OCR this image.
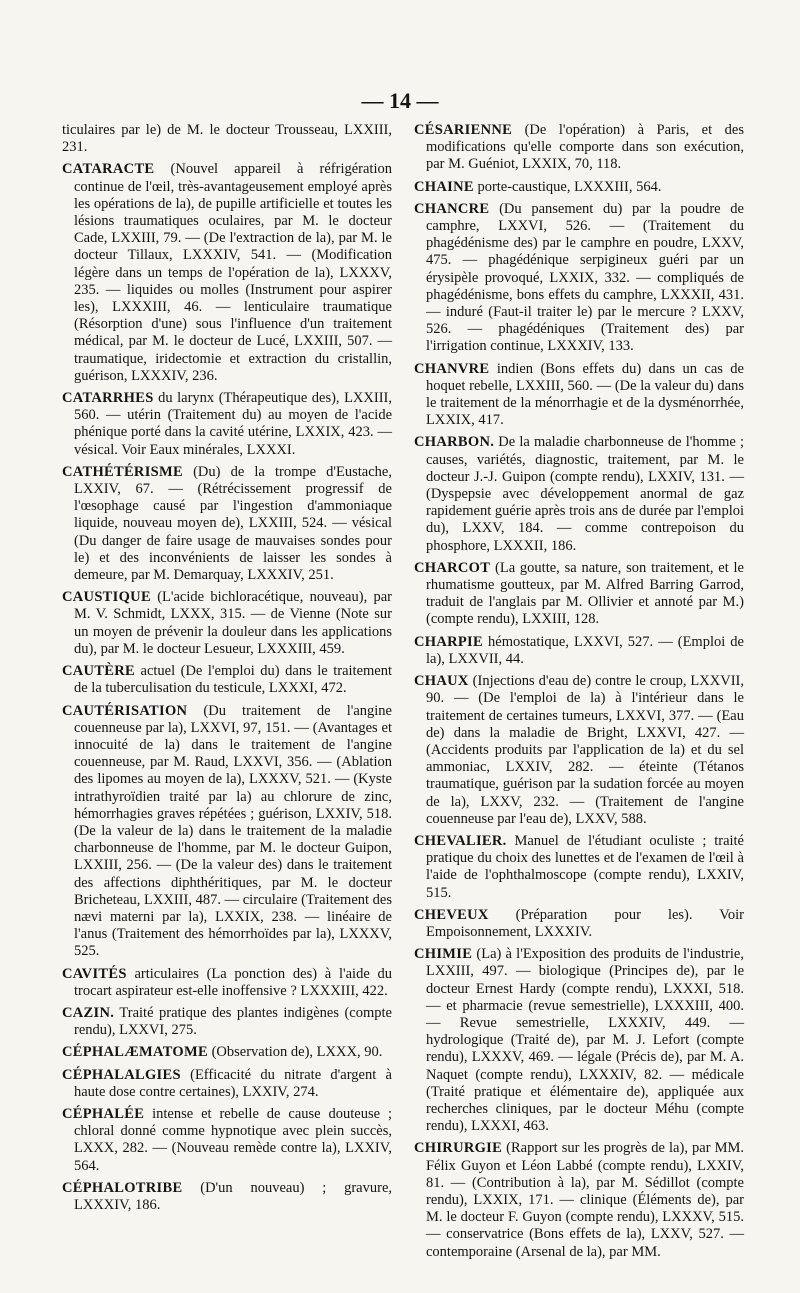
— 14 —

ticulaires par le) de M. le docteur Trousseau, LXXIII, 231.

CATARACTE (Nouvel appareil à réfrigération continue de l'œil, très-avantageusement employé après les opérations de la), de pupille artificielle et toutes les lésions traumatiques oculaires, par M. le docteur Cade, LXXIII, 79. — (De l'extraction de la), par M. le docteur Tillaux, LXXXIV, 541. — (Modification légère dans un temps de l'opération de la), LXXXV, 235. — liquides ou molles (Instrument pour aspirer les), LXXXIII, 46. — lenticulaire traumatique (Résorption d'une) sous l'influence d'un traitement médical, par M. le docteur de Lucé, LXXIII, 507. — traumatique, iridectomie et extraction du cristallin, guérison, LXXXIV, 236.

CATARRHES du larynx (Thérapeutique des), LXXIII, 560. — utérin (Traitement du) au moyen de l'acide phénique porté dans la cavité utérine, LXXIX, 423. — vésical. Voir Eaux minérales, LXXXI.

CATHÉTÉRISME (Du) de la trompe d'Eustache, LXXIV, 67. — (Rétrécissement progressif de l'œsophage causé par l'ingestion d'ammoniaque liquide, nouveau moyen de), LXXIII, 524. — vésical (Du danger de faire usage de mauvaises sondes pour le) et des inconvénients de laisser les sondes à demeure, par M. Demarquay, LXXXIV, 251.

CAUSTIQUE (L'acide bichloracétique, nouveau), par M. V. Schmidt, LXXX, 315. — de Vienne (Note sur un moyen de prévenir la douleur dans les applications du), par M. le docteur Lesueur, LXXXIII, 459.

CAUTÈRE actuel (De l'emploi du) dans le traitement de la tuberculisation du testicule, LXXXI, 472.

CAUTÉRISATION (Du traitement de l'angine couenneuse par la), LXXVI, 97, 151. — (Avantages et innocuité de la) dans le traitement de l'angine couenneuse, par M. Raud, LXXVI, 356. — (Ablation des lipomes au moyen de la), LXXXV, 521. — (Kyste intrathyroïdien traité par la) au chlorure de zinc, hémorrhagies graves répétées ; guérison, LXXIV, 518. (De la valeur de la) dans le traitement de la maladie charbonneuse de l'homme, par M. le docteur Guipon, LXXIII, 256. — (De la valeur des) dans le traitement des affections diphthéritiques, par M. le docteur Bricheteau, LXXIII, 487. — circulaire (Traitement des nævi materni par la), LXXIX, 238. — linéaire de l'anus (Traitement des hémorrhoïdes par la), LXXXV, 525.

CAVITÉS articulaires (La ponction des) à l'aide du trocart aspirateur est-elle inoffensive ? LXXXIII, 422.

CAZIN. Traité pratique des plantes indigènes (compte rendu), LXXVI, 275.

CÉPHALÆMATOME (Observation de), LXXX, 90.

CÉPHALALGIES (Efficacité du nitrate d'argent à haute dose contre certaines), LXXIV, 274.

CÉPHALÉE intense et rebelle de cause douteuse ; chloral donné comme hypnotique avec plein succès, LXXX, 282. — (Nouveau remède contre la), LXXIV, 564.

CÉPHALOTRIBE (D'un nouveau) ; gravure, LXXXIV, 186.

CÉSARIENNE (De l'opération) à Paris, et des modifications qu'elle comporte dans son exécution, par M. Guéniot, LXXIX, 70, 118.

CHAINE porte-caustique, LXXXIII, 564.

CHANCRE (Du pansement du) par la poudre de camphre, LXXVI, 526. — (Traitement du phagédénisme des) par le camphre en poudre, LXXV, 475. — phagédénique serpigineux guéri par un érysipèle provoqué, LXXIX, 332. — compliqués de phagédénisme, bons effets du camphre, LXXXII, 431. — induré (Faut-il traiter le) par le mercure ? LXXV, 526. — phagédéniques (Traitement des) par l'irrigation continue, LXXXIV, 133.

CHANVRE indien (Bons effets du) dans un cas de hoquet rebelle, LXXIII, 560. — (De la valeur du) dans le traitement de la ménorrhagie et de la dysménorrhée, LXXIX, 417.

CHARBON. De la maladie charbonneuse de l'homme ; causes, variétés, diagnostic, traitement, par M. le docteur J.-J. Guipon (compte rendu), LXXIV, 131. — (Dyspepsie avec développement anormal de gaz rapidement guérie après trois ans de durée par l'emploi du), LXXV, 184. — comme contrepoison du phosphore, LXXXII, 186.

CHARCOT (La goutte, sa nature, son traitement, et le rhumatisme goutteux, par M. Alfred Barring Garrod, traduit de l'anglais par M. Ollivier et annoté par M.) (compte rendu), LXXIII, 128.

CHARPIE hémostatique, LXXVI, 527. — (Emploi de la), LXXVII, 44.

CHAUX (Injections d'eau de) contre le croup, LXXVII, 90. — (De l'emploi de la) à l'intérieur dans le traitement de certaines tumeurs, LXXVI, 377. — (Eau de) dans la maladie de Bright, LXXVI, 427. — (Accidents produits par l'application de la) et du sel ammoniac, LXXIV, 282. — éteinte (Tétanos traumatique, guérison par la sudation forcée au moyen de la), LXXV, 232. — (Traitement de l'angine couenneuse par l'eau de), LXXV, 588.

CHEVALIER. Manuel de l'étudiant oculiste ; traité pratique du choix des lunettes et de l'examen de l'œil à l'aide de l'ophthalmoscope (compte rendu), LXXIV, 515.

CHEVEUX (Préparation pour les). Voir Empoisonnement, LXXXIV.

CHIMIE (La) à l'Exposition des produits de l'industrie, LXXIII, 497. — biologique (Principes de), par le docteur Ernest Hardy (compte rendu), LXXXI, 518. — et pharmacie (revue semestrielle), LXXXIII, 400. — Revue semestrielle, LXXXIV, 449. — hydrologique (Traité de), par M. J. Lefort (compte rendu), LXXXV, 469. — légale (Précis de), par M. A. Naquet (compte rendu), LXXXIV, 82. — médicale (Traité pratique et élémentaire de), appliquée aux recherches cliniques, par le docteur Méhu (compte rendu), LXXXI, 463.

CHIRURGIE (Rapport sur les progrès de la), par MM. Félix Guyon et Léon Labbé (compte rendu), LXXIV, 81. — (Contribution à la), par M. Sédillot (compte rendu), LXXIX, 171. — clinique (Éléments de), par M. le docteur F. Guyon (compte rendu), LXXXV, 515. — conservatrice (Bons effets de la), LXXV, 527. — contemporaine (Arsenal de la), par MM.
